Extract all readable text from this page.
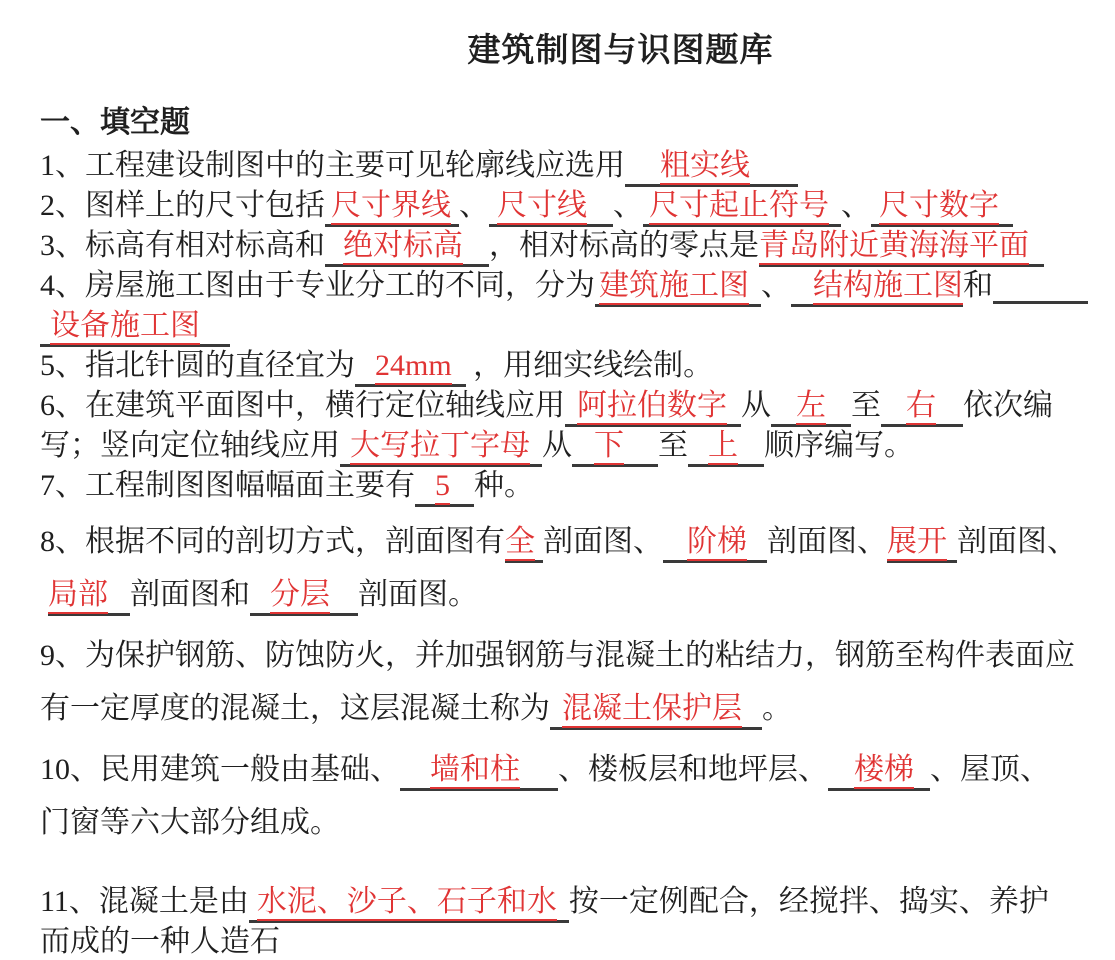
建筑制图与识图题库
一、填空题
1、工程建设制图中的主要可见轮廓线应选用 粗实线
2、图样上的尺寸包括 尺寸界线 、 尺寸线 、 尺寸起止符号 、 尺寸数字
3、标高有相对标高和 绝对标高 ，相对标高的零点是青岛附近黄海海平面
4、房屋施工图由于专业分工的不同，分为 建筑施工图 、 结构施工图和
设备施工图
5、指北针圆的直径宜为 24mm ，用细实线绘制。
6、在建筑平面图中，横行定位轴线应用 阿拉伯数字 从 左 至 右 依次编
写；竖向定位轴线应用 大写拉丁字母 从 下 至 上 顺序编写。
7、工程制图图幅幅面主要有 5 种。
8、根据不同的剖切方式，剖面图有全 剖面图、 阶梯 剖面图、展开 剖面图、
局部 剖面图和 分层 剖面图。
9、为保护钢筋、防蚀防火，并加强钢筋与混凝土的粘结力，钢筋至构件表面应
有一定厚度的混凝土，这层混凝土称为 混凝土保护层 。
10、民用建筑一般由基础、 墙和柱 、楼板层和地坪层、 楼梯 、屋顶、
门窗等六大部分组成。
11、混凝土是由 水泥、沙子、石子和水 按一定例配合，经搅拌、捣实、养护
而成的一种人造石
